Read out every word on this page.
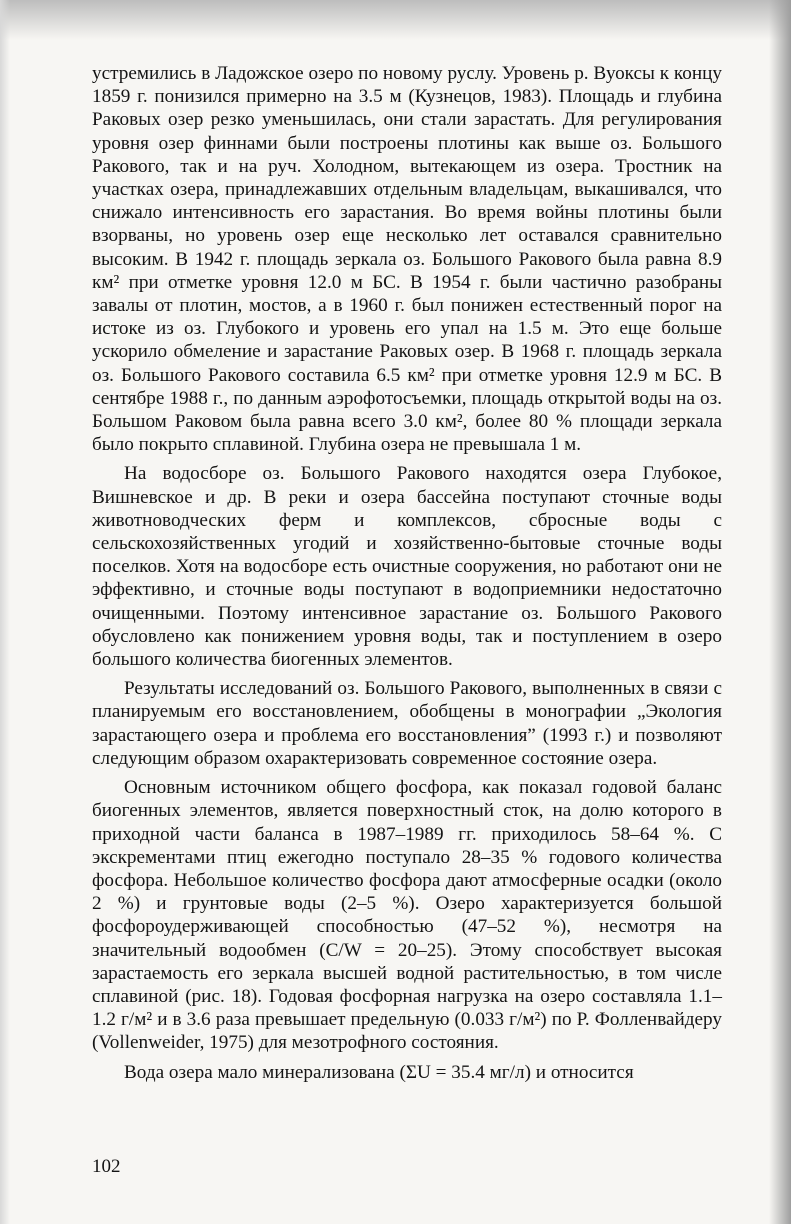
устремились в Ладожское озеро по новому руслу. Уровень р. Вуоксы к концу 1859 г. понизился примерно на 3.5 м (Кузнецов, 1983). Площадь и глубина Раковых озер резко уменьшилась, они стали зарастать. Для регулирования уровня озер финнами были построены плотины как выше оз. Большого Ракового, так и на руч. Холодном, вытекающем из озера. Тростник на участках озера, принадлежавших отдельным владельцам, выкашивался, что снижало интенсивность его зарастания. Во время войны плотины были взорваны, но уровень озер еще несколько лет оставался сравнительно высоким. В 1942 г. площадь зеркала оз. Большого Ракового была равна 8.9 км² при отметке уровня 12.0 м БС. В 1954 г. были частично разобраны завалы от плотин, мостов, а в 1960 г. был понижен естественный порог на истоке из оз. Глубокого и уровень его упал на 1.5 м. Это еще больше ускорило обмеление и зарастание Раковых озер. В 1968 г. площадь зеркала оз. Большого Ракового составила 6.5 км² при отметке уровня 12.9 м БС. В сентябре 1988 г., по данным аэрофотосъемки, площадь открытой воды на оз. Большом Раковом была равна всего 3.0 км², более 80 % площади зеркала было покрыто сплавиной. Глубина озера не превышала 1 м.

На водосборе оз. Большого Ракового находятся озера Глубокое, Вишневское и др. В реки и озера бассейна поступают сточные воды животноводческих ферм и комплексов, сбросные воды с сельскохозяйственных угодий и хозяйственно-бытовые сточные воды поселков. Хотя на водосборе есть очистные сооружения, но работают они не эффективно, и сточные воды поступают в водоприемники недостаточно очищенными. Поэтому интенсивное зарастание оз. Большого Ракового обусловлено как понижением уровня воды, так и поступлением в озеро большого количества биогенных элементов.

Результаты исследований оз. Большого Ракового, выполненных в связи с планируемым его восстановлением, обобщены в монографии „Экология зарастающего озера и проблема его восстановления” (1993 г.) и позволяют следующим образом охарактеризовать современное состояние озера.

Основным источником общего фосфора, как показал годовой баланс биогенных элементов, является поверхностный сток, на долю которого в приходной части баланса в 1987–1989 гг. приходилось 58–64 %. С экскрементами птиц ежегодно поступало 28–35 % годового количества фосфора. Небольшое количество фосфора дают атмосферные осадки (около 2 %) и грунтовые воды (2–5 %). Озеро характеризуется большой фосфороудерживающей способностью (47–52 %), несмотря на значительный водообмен (C/W = 20–25). Этому способствует высокая зарастаемость его зеркала высшей водной растительностью, в том числе сплавиной (рис. 18). Годовая фосфорная нагрузка на озеро составляла 1.1–1.2 г/м² и в 3.6 раза превышает предельную (0.033 г/м²) по Р. Фолленвайдеру (Vollenweider, 1975) для мезотрофного состояния.

Вода озера мало минерализована (ΣU = 35.4 мг/л) и относится

102
